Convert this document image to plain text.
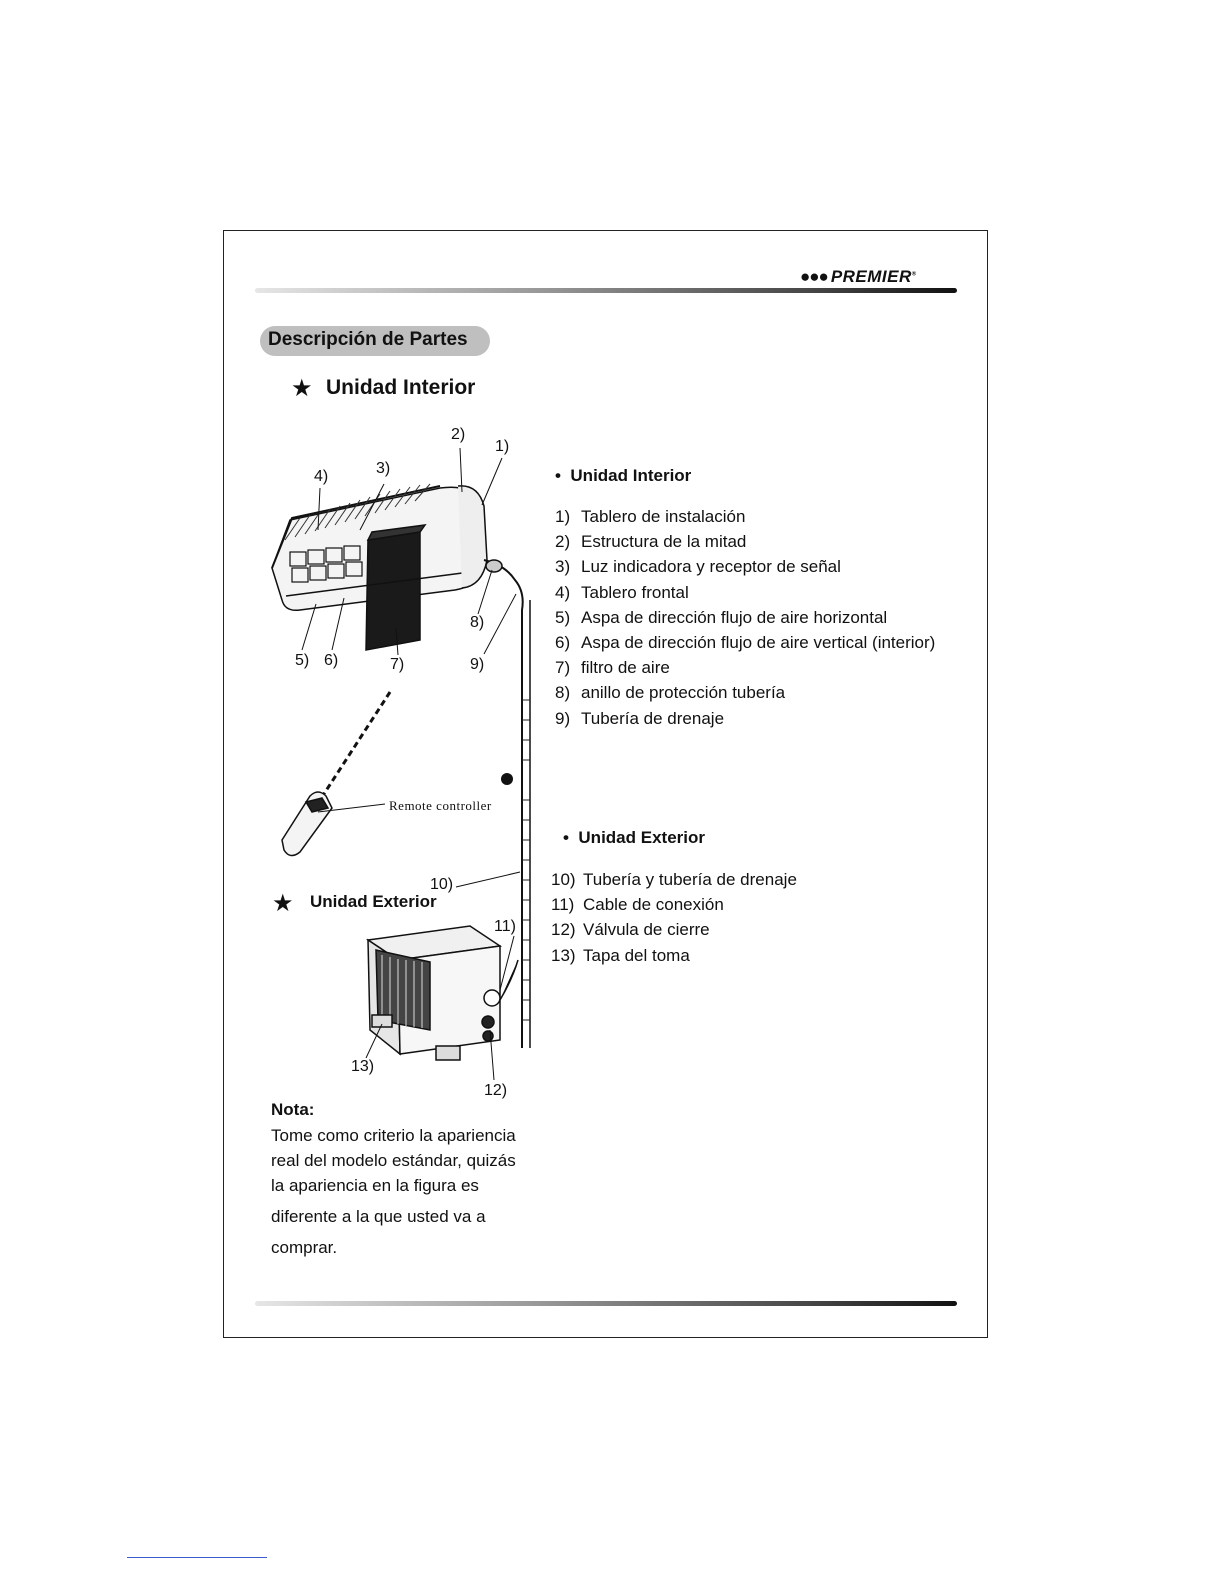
●●● PREMIER®
Descripción de Partes
★ Unidad Interior
1)
2)
3)
4)
5) 6)	7)
8)
9)
10)
11)
12)
13)
Remote controller
★ Unidad Exterior
•  Unidad Interior
1) Tablero de instalación
2) Estructura de la mitad
3) Luz indicadora y receptor de señal
4) Tablero frontal
5) Aspa de dirección flujo de aire horizontal
6) Aspa de dirección flujo de aire vertical (interior)
7) filtro de aire
8) anillo de protección tubería
9) Tubería de drenaje
•  Unidad Exterior
10) Tubería y tubería de drenaje
11) Cable de conexión
12) Válvula de cierre
13) Tapa del toma
Nota:
Tome como criterio la apariencia
real del modelo estándar, quizás
la apariencia en la figura es
diferente a la que usted va a
comprar.
